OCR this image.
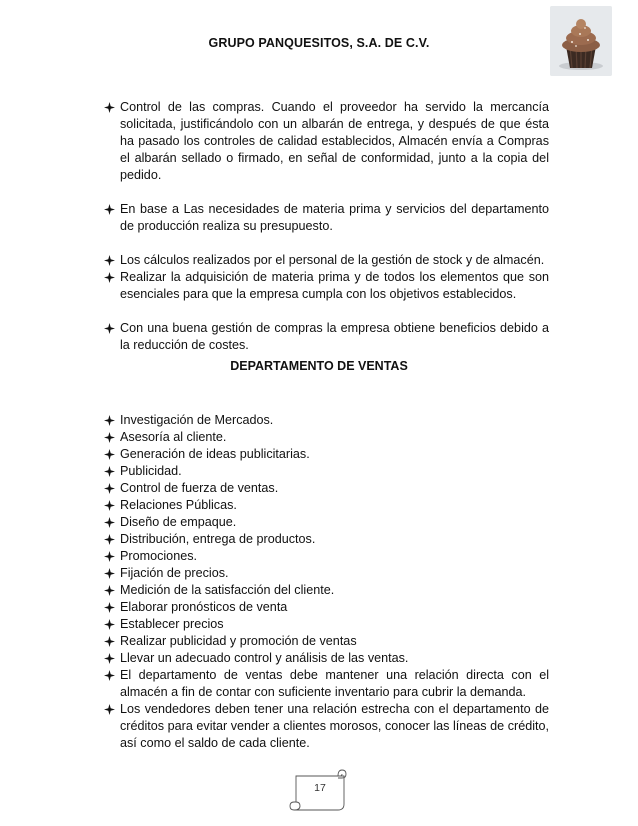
GRUPO PANQUESITOS, S.A. DE C.V.
Control de las compras. Cuando el proveedor ha servido la mercancía solicitada, justificándolo con un albarán de entrega, y después de que ésta ha pasado los controles de calidad establecidos, Almacén envía a Compras el albarán sellado o firmado, en señal de conformidad, junto a la copia del pedido.
En base a Las necesidades de materia prima y servicios del departamento de producción realiza su presupuesto.
Los cálculos realizados por el personal de la gestión de stock y de almacén.
Realizar la adquisición de materia prima y de todos los elementos que son esenciales para que la empresa cumpla con los objetivos establecidos.
Con una buena gestión de compras la empresa obtiene beneficios debido a la reducción de costes.
DEPARTAMENTO DE VENTAS
Investigación de Mercados.
Asesoría al cliente.
Generación de ideas publicitarias.
Publicidad.
Control de fuerza de ventas.
Relaciones Públicas.
Diseño de empaque.
Distribución, entrega de productos.
Promociones.
Fijación de precios.
Medición de la satisfacción del cliente.
Elaborar pronósticos de venta
Establecer precios
Realizar publicidad y promoción de ventas
Llevar un adecuado control y análisis de las ventas.
El departamento de ventas debe mantener una relación directa con el almacén a fin de contar con suficiente inventario para cubrir la demanda.
Los vendedores deben tener una relación estrecha con el departamento de créditos para evitar vender a clientes morosos, conocer las líneas de crédito, así como el saldo de cada cliente.
17
